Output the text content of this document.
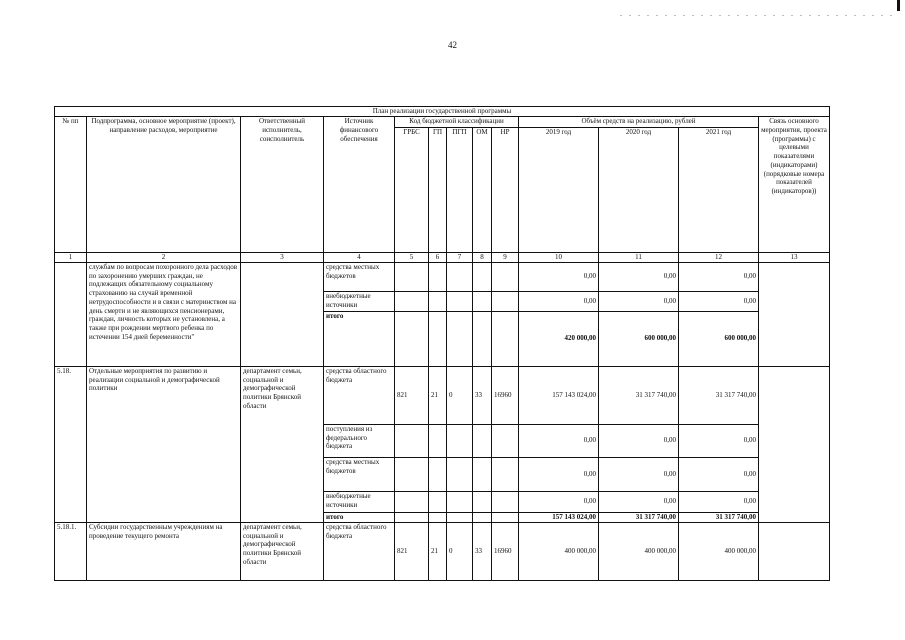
42
План реализации государственной программы												
№ пп	Подпрограмма, основное мероприятие (проект), направление расходов, мероприятие	Ответственный исполнитель, соисполнитель	Источник финансового обеспечения	Код бюджетной классификации					Объём средств на реализацию, рублей			Связь основного мероприятия, проекта (программы) с целевыми показателями (индикаторами) (порядковые номера показателей (индикаторов))
				ГРБС	ГП	ПГП	ОМ	НР	2019 год	2020 год	2021 год	
1	2	3	4	5	6	7	8	9	10	11	12	13
	службам по вопросам похоронного дела расходов по захоронению умерших граждан, не подлежащих обязательному социальному страхованию на случай временной нетрудоспособности и в связи с материнством на день смерти и не являющихся пенсионерами, граждан, личность которых не установлена, а также при рождении мертвого ребенка по истечении 154 дней беременности"		средства местных бюджетов						0,00	0,00	0,00	
			внебюджетные источники						0,00	0,00	0,00	
			итого						420 000,00	600 000,00	600 000,00	
5.18.	Отдельные мероприятия по развитию и реализации социальной и демографической политики	департамент семьи, социальной и демографической политики Брянской области	средства областного бюджета	821	21	0	33	16960	157 143 024,00	31 317 740,00	31 317 740,00	
			поступления из федерального бюджета						0,00	0,00	0,00	
			средства местных бюджетов						0,00	0,00	0,00	
			внебюджетные источники						0,00	0,00	0,00	
			итого						157 143 024,00	31 317 740,00	31 317 740,00	
5.18.1.	Субсидии государственным учреждениям на проведение текущего ремонта	департамент семьи, социальной и демографической политики Брянской области	средства областного бюджета	821	21	0	33	16960	400 000,00	400 000,00	400 000,00	
